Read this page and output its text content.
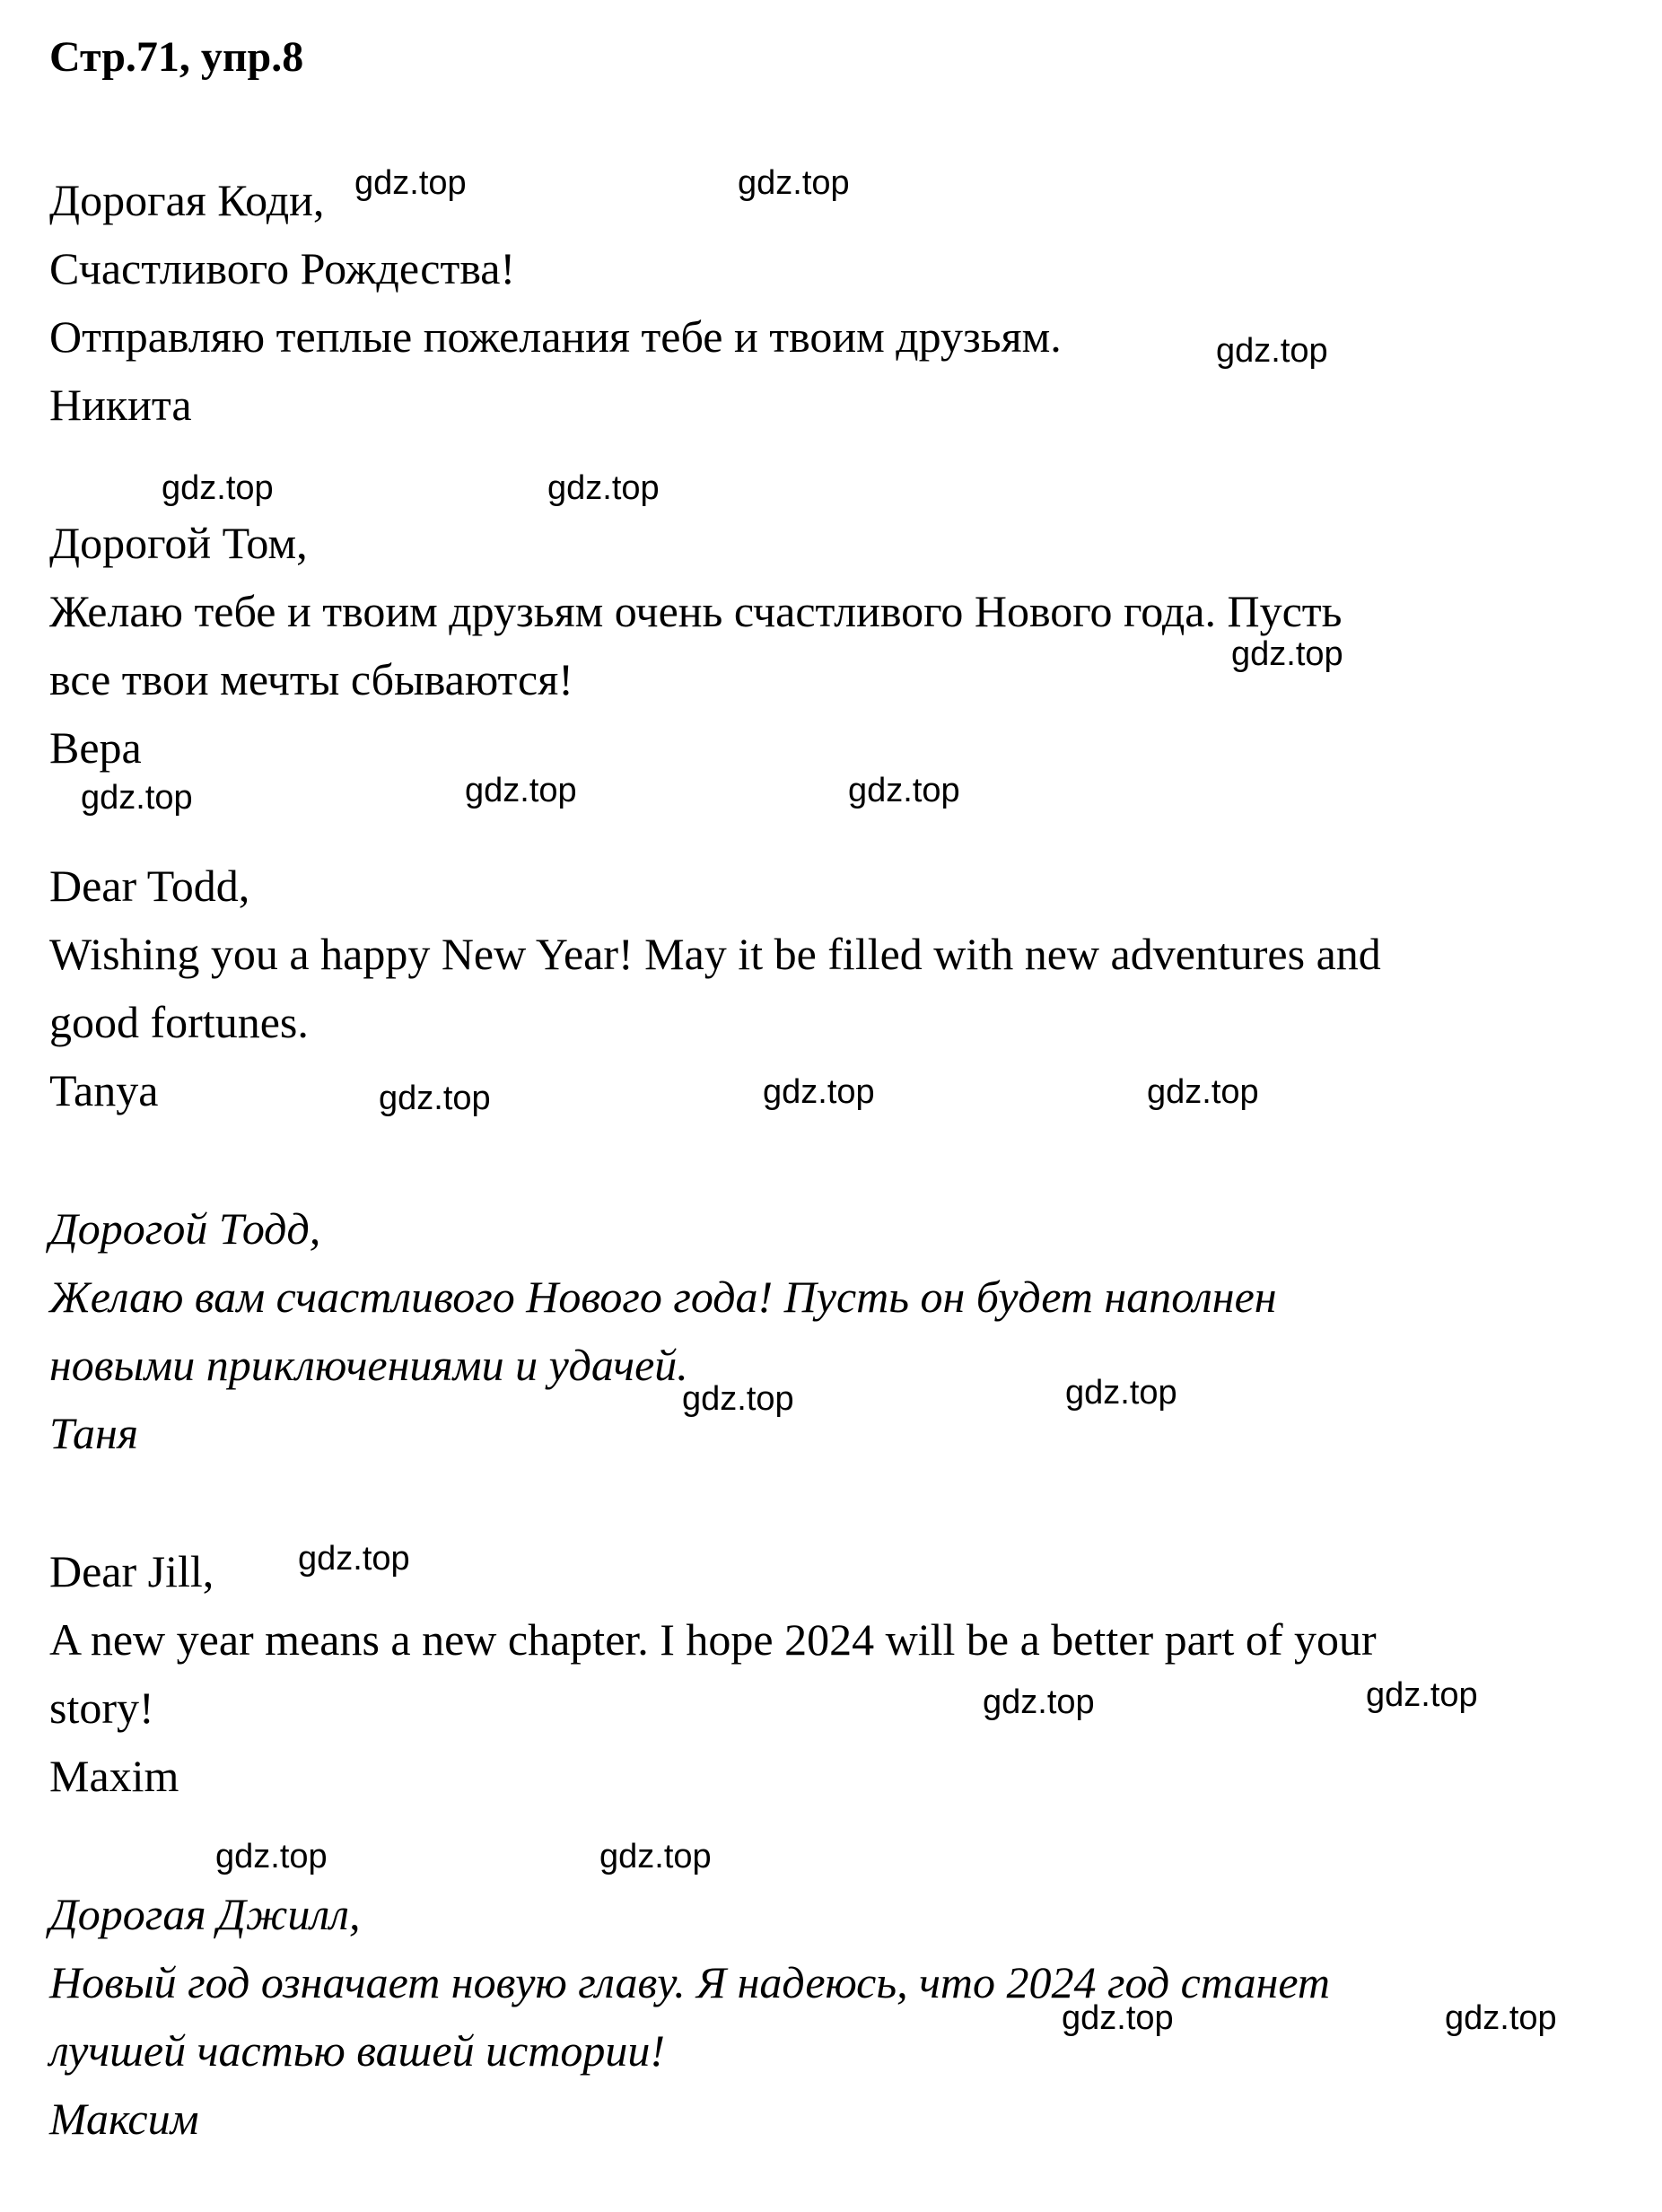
Стр.71, упр.8
Дорогая Коди,
Счастливого Рождества!
Отправляю теплые пожелания тебе и твоим друзьям.
Никита
Дорогой Том,
Желаю тебе и твоим друзьям очень счастливого Нового года. Пусть
все твои мечты сбываются!
Вера
Dear Todd,
Wishing you a happy New Year! May it be filled with new adventures and
good fortunes.
Tanya
Дорогой Тодд,
Желаю вам счастливого Нового года! Пусть он будет наполнен
новыми приключениями и удачей.
Таня
Dear Jill,
A new year means a new chapter. I hope 2024 will be a better part of your
story!
Maxim
Дорогая Джилл,
Новый год означает новую главу. Я надеюсь, что 2024 год станет
лучшей частью вашей истории!
Максим
gdz.top	gdz.top
gdz.top
gdz.top	gdz.top
gdz.top
gdz.top	gdz.top	gdz.top
gdz.top	gdz.top	gdz.top
gdz.top	gdz.top
gdz.top
gdz.top	gdz.top
gdz.top	gdz.top
gdz.top	gdz.top
